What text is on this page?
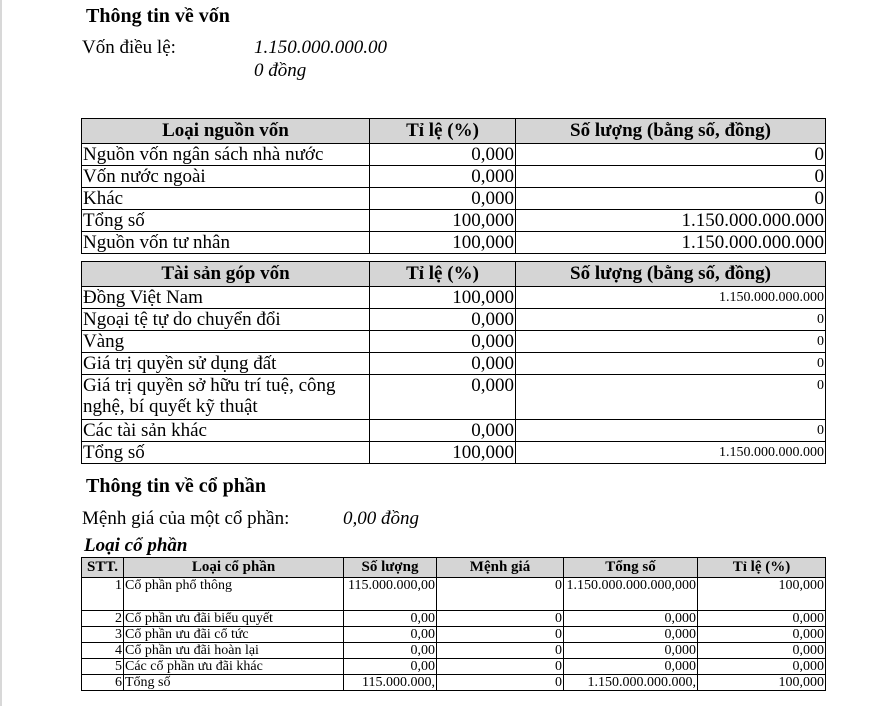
Thông tin về vốn
Vốn điều lệ:	1.150.000.000.00
0 đồng
Loại nguồn vốn	Tỉ lệ (%)	Số lượng (bằng số, đồng)
Nguồn vốn ngân sách nhà nước	0,000	0
Vốn nước ngoài	0,000	0
Khác	0,000	0
Tổng số	100,000	1.150.000.000.000
Nguồn vốn tư nhân	100,000	1.150.000.000.000
Tài sản góp vốn	Tỉ lệ (%)	Số lượng (bằng số, đồng)
Đồng Việt Nam	100,000	1.150.000.000.000
Ngoại tệ tự do chuyển đổi	0,000	0
Vàng	0,000	0
Giá trị quyền sử dụng đất	0,000	0
Giá trị quyền sở hữu trí tuệ, công nghệ, bí quyết kỹ thuật	0,000	0
Các tài sản khác	0,000	0
Tổng số	100,000	1.150.000.000.000
Thông tin về cổ phần
Mệnh giá của một cổ phần:	0,00 đồng
Loại cổ phần
STT.	Loại cổ phần	Số lượng	Mệnh giá	Tổng số	Tỉ lệ (%)
1	Cổ phần phổ thông	115.000.000,00	0	1.150.000.000.000,000	100,000
2	Cổ phần ưu đãi biểu quyết	0,00	0	0,000	0,000
3	Cổ phần ưu đãi cổ tức	0,00	0	0,000	0,000
4	Cổ phần ưu đãi hoàn lại	0,00	0	0,000	0,000
5	Các cổ phần ưu đãi khác	0,00	0	0,000	0,000
6	Tổng số	115.000.000,	0	1.150.000.000.000,	100,000
